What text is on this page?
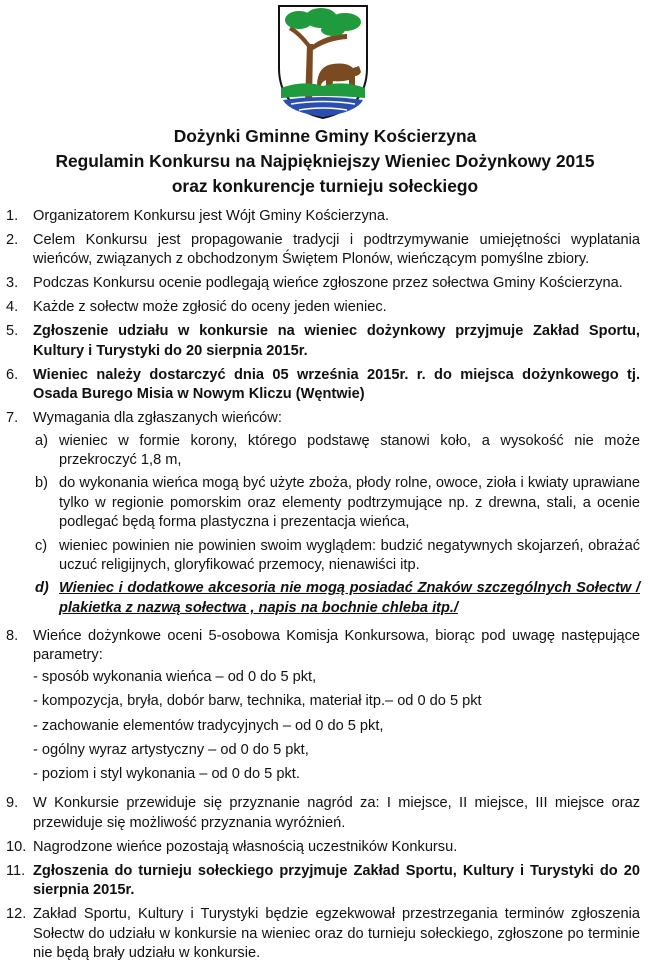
Dożynki Gminne Gminy Kościerzyna
Regulamin Konkursu na Najpiękniejszy Wieniec Dożynkowy 2015
oraz konkurencje turnieju sołeckiego
1.	Organizatorem Konkursu jest Wójt Gminy Kościerzyna.
2.	Celem Konkursu jest propagowanie tradycji i podtrzymywanie umiejętności wyplatania wieńców, związanych z obchodzonym Świętem Plonów, wieńczącym pomyślne zbiory.
3.	Podczas Konkursu ocenie podlegają wieńce zgłoszone przez sołectwa Gminy Kościerzyna.
4.	Każde z sołectw może zgłosić do oceny jeden wieniec.
5.	Zgłoszenie udziału w konkursie na wieniec dożynkowy przyjmuje Zakład Sportu, Kultury i Turystyki do 20 sierpnia 2015r.
6.	Wieniec należy dostarczyć dnia 05 września 2015r. r. do miejsca dożynkowego tj. Osada Burego Misia w Nowym Kliczu (Węntwie)
7.	Wymagania dla zgłaszanych wieńców:
a) wieniec w formie korony, którego podstawę stanowi koło, a wysokość nie może przekroczyć 1,8 m,
b) do wykonania wieńca mogą być użyte zboża, płody rolne, owoce, zioła i kwiaty uprawiane tylko w regionie pomorskim oraz elementy podtrzymujące np. z drewna, stali, a ocenie podlegać będą forma plastyczna i prezentacja wieńca,
c) wieniec powinien nie powinien swoim wyglądem: budzić negatywnych skojarzeń, obrażać uczuć religijnych, gloryfikować przemocy, nienawiści itp.
d) Wieniec i dodatkowe akcesoria nie mogą posiadać Znaków szczególnych Sołectw / plakietka z nazwą sołectwa , napis na bochnie chleba itp./
8.	Wieńce dożynkowe oceni 5-osobowa Komisja Konkursowa, biorąc pod uwagę następujące parametry:
- sposób wykonania wieńca – od 0 do 5 pkt,
- kompozycja, bryła, dobór barw, technika, materiał itp.– od 0 do 5 pkt
- zachowanie elementów tradycyjnych – od 0 do 5 pkt,
- ogólny wyraz artystyczny – od 0 do 5 pkt,
- poziom i styl wykonania – od 0 do 5 pkt.
9.	W Konkursie przewiduje się przyznanie nagród za: I miejsce, II miejsce, III miejsce oraz przewiduje się możliwość przyznania wyróżnień.
10. Nagrodzone wieńce pozostają własnością uczestników Konkursu.
11. Zgłoszenia do turnieju sołeckiego przyjmuje Zakład Sportu, Kultury i Turystyki do 20 sierpnia 2015r.
12. Zakład Sportu, Kultury i Turystyki będzie egzekwował przestrzegania terminów zgłoszenia Sołectw do udziału w konkursie na wieniec oraz do turnieju sołeckiego, zgłoszone po terminie nie będą brały udziału w konkursie.
